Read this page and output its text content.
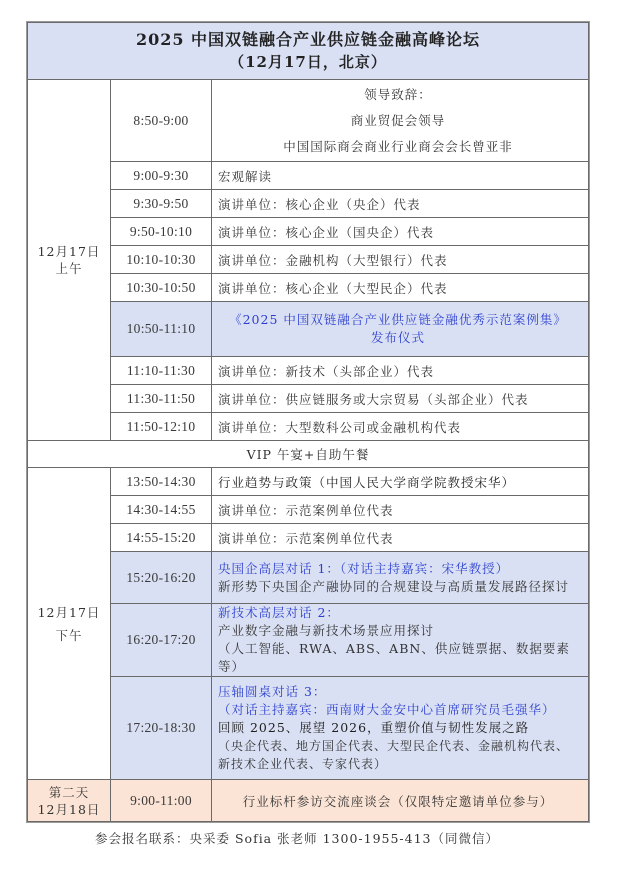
2025 中国双链融合产业供应链金融高峰论坛
（12月17日，北京）		

12月17日
上午	8:50-9:00	领导致辞：
商业贸促会领导
中国国际商会商业行业商会会长曾亚非

	9:00-9:30	宏观解读
	9:30-9:50	演讲单位：核心企业（央企）代表
	9:50-10:10	演讲单位：核心企业（国央企）代表
	10:10-10:30	演讲单位：金融机构（大型银行）代表
	10:30-10:50	演讲单位：核心企业（大型民企）代表
	10:50-11:10	《2025 中国双链融合产业供应链金融优秀示范案例集》
发布仪式

	11:10-11:30	演讲单位：新技术（头部企业）代表
	11:30-11:50	演讲单位：供应链服务或大宗贸易（头部企业）代表
	11:50-12:10	演讲单位：大型数科公司或金融机构代表
VIP 午宴+自助午餐		

12月17日
下午	13:50-14:30	行业趋势与政策（中国人民大学商学院教授宋华）
	14:30-14:55	演讲单位：示范案例单位代表
	14:55-15:20	演讲单位：示范案例单位代表
	15:20-16:20	央国企高层对话 1：（对话主持嘉宾：宋华教授）
新形势下央国企产融协同的合规建设与高质量发展路径探讨

	16:20-17:20	新技术高层对话 2：
产业数字金融与新技术场景应用探讨
（人工智能、RWA、ABS、ABN、供应链票据、数据要素等）

	17:20-18:30	压轴圆桌对话 3：
（对话主持嘉宾：西南财大金安中心首席研究员毛强华）
回顾 2025、展望 2026，重塑价值与韧性发展之路
（央企代表、地方国企代表、大型民企代表、金融机构代表、
新技术企业代表、专家代表）

第二天
12月18日	9:00-11:00	行业标杆参访交流座谈会（仅限特定邀请单位参与）
参会报名联系：央采委 Sofia 张老师 1300-1955-413（同微信）
